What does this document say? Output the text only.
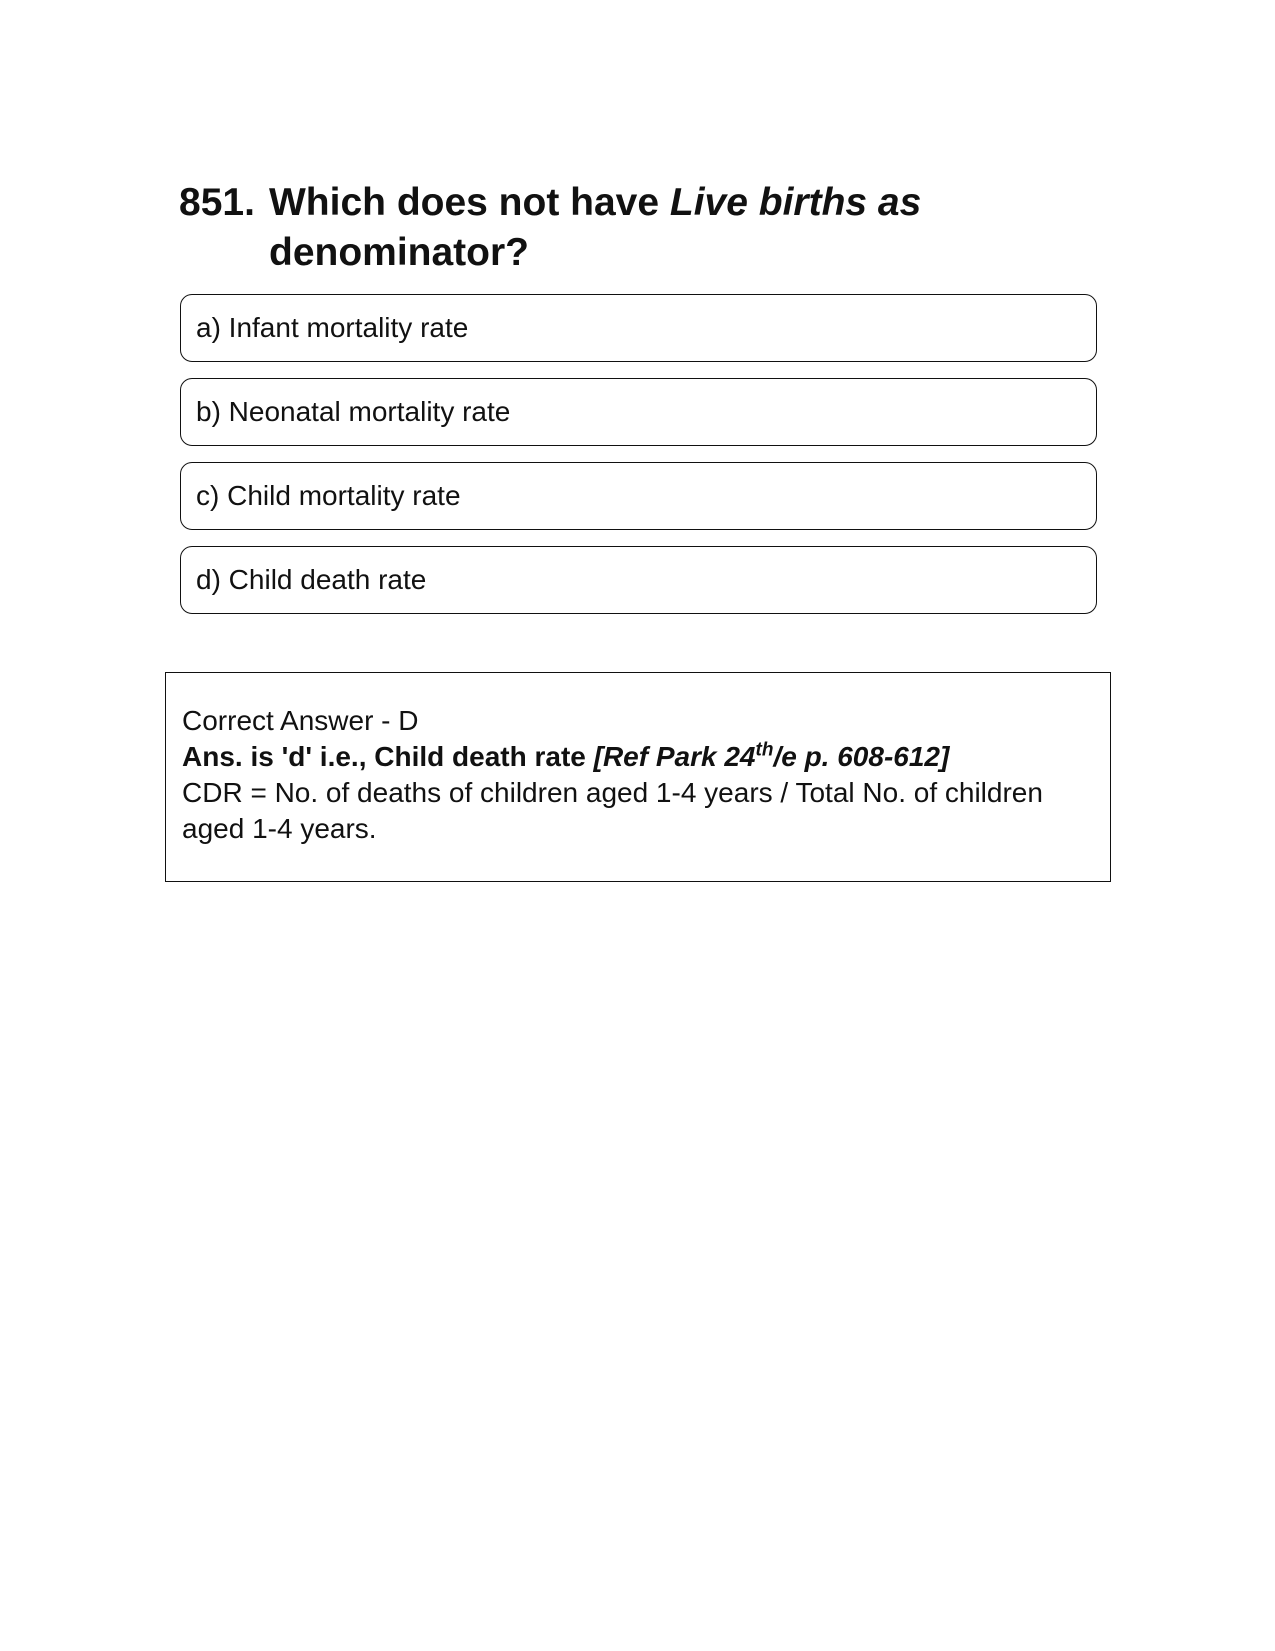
851. Which does not have Live births as denominator?
a) Infant mortality rate
b) Neonatal mortality rate
c) Child mortality rate
d) Child death rate
Correct Answer - D
Ans. is 'd' i.e., Child death rate [Ref Park 24th/e p. 608-612]
CDR = No. of deaths of children aged 1-4 years / Total No. of children aged 1-4 years.
